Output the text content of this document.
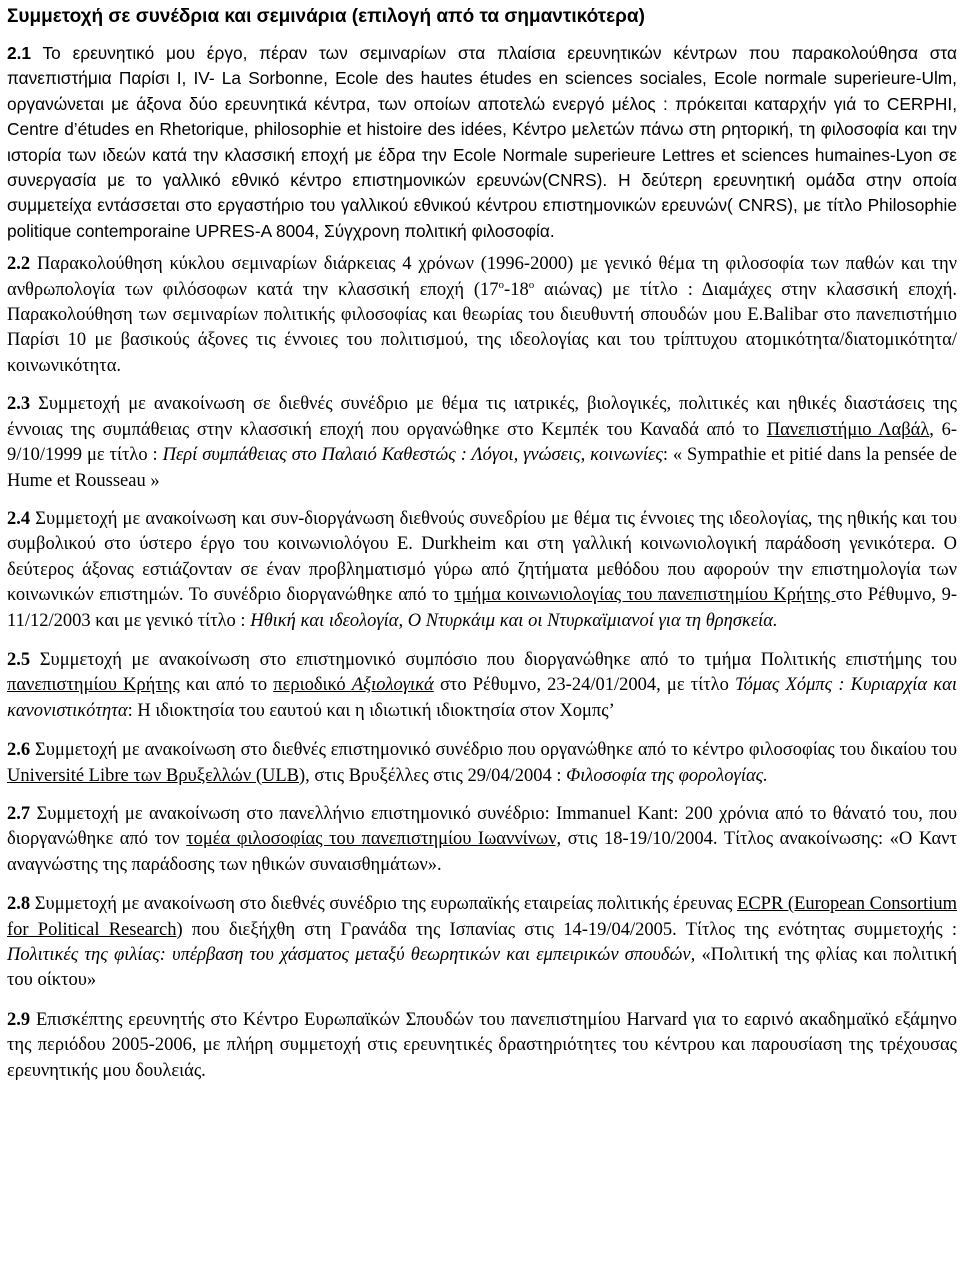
Συμμετοχή σε συνέδρια και σεμινάρια (επιλογή από τα σημαντικότερα)

2.1 Το ερευνητικό μου έργο, πέραν των σεμιναρίων στα πλαίσια ερευνητικών κέντρων που παρακολούθησα στα πανεπιστήμια Παρίσι Ι, IV- La Sorbonne, Ecole des hautes études en sciences sociales, Ecole normale superieure-Ulm, οργανώνεται με άξονα δύο ερευνητικά κέντρα, των οποίων αποτελώ ενεργό μέλος : πρόκειται καταρχήν γιά το CERPHI, Centre d’études en Rhetorique, philosophie et histoire des idées, Κέντρο μελετών πάνω στη ρητορική, τη φιλοσοφία και την ιστορία των ιδεών κατά την κλασσική εποχή με έδρα την Ecole Normale superieure Lettres et sciences humaines-Lyon σε συνεργασία με το γαλλικό εθνικό κέντρο επιστημονικών ερευνών(CNRS). Η δεύτερη ερευνητική ομάδα στην οποία συμμετείχα εντάσσεται στο εργαστήριο του γαλλικού εθνικού κέντρου επιστημονικών ερευνών( CNRS), με τίτλο Philosophie politique contemporaine UPRES-A 8004, Σύγχρονη πολιτική φιλοσοφία.

2.2 Παρακολούθηση κύκλου σεμιναρίων διάρκειας 4 χρόνων (1996-2000) με γενικό θέμα τη φιλοσοφία των παθών και την ανθρωπολογία των φιλόσοφων κατά την κλασσική εποχή ($17^o-18^o$ αιώνας) με τίτλο : Διαμάχες στην κλασσική εποχή. Παρακολούθηση των σεμιναρίων πολιτικής φιλοσοφίας και θεωρίας του διευθυντή σπουδών μου E.Balibar στο πανεπιστήμιο Παρίσι 10 με βασικούς άξονες τις έννοιες του πολιτισμού, της ιδεολογίας και του τρίπτυχου ατομικότητα/διατομικότητα/κοινωνικότητα.

2.3 Συμμετοχή με ανακοίνωση σε διεθνές συνέδριο με θέμα τις ιατρικές, βιολογικές, πολιτικές και ηθικές διαστάσεις της έννοιας της συμπάθειας στην κλασσική εποχή που οργανώθηκε στο Κεμπέκ του Καναδά από το Πανεπιστήμιο Λαβάλ, 6-9/10/1999 με τίτλο : Περί συμπάθειας στο Παλαιό Καθεστώς : Λόγοι, γνώσεις, κοινωνίες: « Sympathie et pitié dans la pensée de Hume et Rousseau »

2.4 Συμμετοχή με ανακοίνωση και συν-διοργάνωση διεθνούς συνεδρίου με θέμα τις έννοιες της ιδεολογίας, της ηθικής και του συμβολικού στο ύστερο έργο του κοινωνιολόγου E. Durkheim και στη γαλλική κοινωνιολογική παράδοση γενικότερα. Ο δεύτερος άξονας εστιάζονταν σε έναν προβληματισμό γύρω από ζητήματα μεθόδου που αφορούν την επιστημολογία των κοινωνικών επιστημών. Το συνέδριο διοργανώθηκε από το τμήμα κοινωνιολογίας του πανεπιστημίου Κρήτης στο Ρέθυμνο, 9-11/12/2003 και με γενικό τίτλο : Ηθική και ιδεολογία, Ο Ντυρκάιμ και οι Ντυρκαϊμιανοί για τη θρησκεία.

2.5 Συμμετοχή με ανακοίνωση στο επιστημονικό συμπόσιο που διοργανώθηκε από το τμήμα Πολιτικής επιστήμης του πανεπιστημίου Κρήτης και από το περιοδικό Αξιολογικά στο Ρέθυμνο, 23-24/01/2004, με τίτλο Τόμας Χόμπς : Κυριαρχία και κανονιστικότητα: Η ιδιοκτησία του εαυτού και η ιδιωτική ιδιοκτησία στον Χομπς’

2.6 Συμμετοχή με ανακοίνωση στο διεθνές επιστημονικό συνέδριο που οργανώθηκε από το κέντρο φιλοσοφίας του δικαίου του Université Libre των Βρυξελλών (ULB), στις Βρυξέλλες στις 29/04/2004 : Φιλοσοφία της φορολογίας.

2.7 Συμμετοχή με ανακοίνωση στο πανελλήνιο επιστημονικό συνέδριο: Immanuel Kant: 200 χρόνια από το θάνατό του, που διοργανώθηκε από τον τομέα φιλοσοφίας του πανεπιστημίου Ιωαννίνων, στις 18-19/10/2004. Τίτλος ανακοίνωσης: «Ο Καντ αναγνώστης της παράδοσης των ηθικών συναισθημάτων».

2.8 Συμμετοχή με ανακοίνωση στο διεθνές συνέδριο της ευρωπαϊκής εταιρείας πολιτικής έρευνας ECPR (European Consortium for Political Research) που διεξήχθη στη Γρανάδα της Ισπανίας στις 14-19/04/2005. Τίτλος της ενότητας συμμετοχής : Πολιτικές της φιλίας: υπέρβαση του χάσματος μεταξύ θεωρητικών και εμπειρικών σπουδών, «Πολιτική της φλίας και πολιτική του οίκτου»

2.9 Επισκέπτης ερευνητής στο Κέντρο Ευρωπαϊκών Σπουδών του πανεπιστημίου Harvard για το εαρινό ακαδημαϊκό εξάμηνο της περιόδου 2005-2006, με πλήρη συμμετοχή στις ερευνητικές δραστηριότητες του κέντρου και παρουσίαση της τρέχουσας ερευνητικής μου δουλειάς.
